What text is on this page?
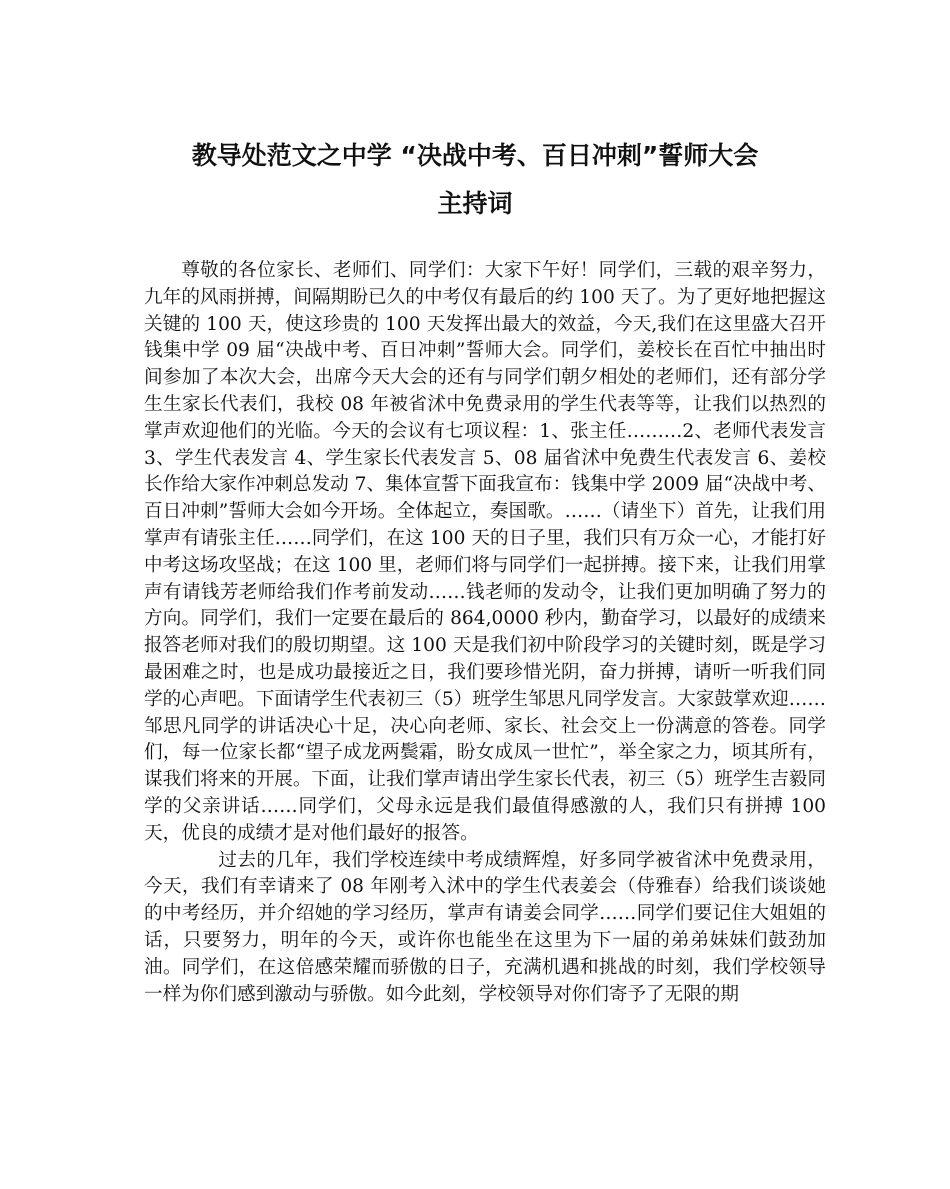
教导处范文之中学 “决战中考、百日冲刺”誓师大会
主持词

尊敬的各位家长、老师们、同学们：大家下午好！同学们，三载的艰辛努力，九年的风雨拼搏，间隔期盼已久的中考仅有最后的约 100 天了。为了更好地把握这关键的 100 天，使这珍贵的 100 天发挥出最大的效益，今天,我们在这里盛大召开钱集中学 09 届“决战中考、百日冲刺”誓师大会。同学们，姜校长在百忙中抽出时间参加了本次大会，出席今天大会的还有与同学们朝夕相处的老师们，还有部分学生生家长代表们，我校 08 年被省沭中免费录用的学生代表等等，让我们以热烈的掌声欢迎他们的光临。今天的会议有七项议程：1、张主任………2、老师代表发言 3、学生代表发言 4、学生家长代表发言 5、08 届省沭中免费生代表发言 6、姜校长作给大家作冲刺总发动 7、集体宣誓下面我宣布：钱集中学 2009 届“决战中考、百日冲刺”誓师大会如今开场。全体起立，奏国歌。……（请坐下）首先，让我们用掌声有请张主任……同学们，在这 100 天的日子里，我们只有万众一心，才能打好中考这场攻坚战；在这 100 里，老师们将与同学们一起拼搏。接下来，让我们用掌声有请钱芳老师给我们作考前发动……钱老师的发动令，让我们更加明确了努力的方向。同学们，我们一定要在最后的 864,0000 秒内，勤奋学习，以最好的成绩来报答老师对我们的殷切期望。这 100 天是我们初中阶段学习的关键时刻，既是学习最困难之时，也是成功最接近之日，我们要珍惜光阴，奋力拼搏，请听一听我们同学的心声吧。下面请学生代表初三（5）班学生邹思凡同学发言。大家鼓掌欢迎……邹思凡同学的讲话决心十足，决心向老师、家长、社会交上一份满意的答卷。同学们，每一位家长都“望子成龙两鬓霜，盼女成凤一世忙”，举全家之力，顷其所有，谋我们将来的开展。下面，让我们掌声请出学生家长代表，初三（5）班学生吉毅同学的父亲讲话……同学们，父母永远是我们最值得感激的人，我们只有拼搏 100 天，优良的成绩才是对他们最好的报答。

过去的几年，我们学校连续中考成绩辉煌，好多同学被省沭中免费录用，今天，我们有幸请来了 08 年刚考入沭中的学生代表姜会（侍雅春）给我们谈谈她的中考经历，并介绍她的学习经历，掌声有请姜会同学……同学们要记住大姐姐的话，只要努力，明年的今天，或许你也能坐在这里为下一届的弟弟妹妹们鼓劲加油。同学们，在这倍感荣耀而骄傲的日子，充满机遇和挑战的时刻，我们学校领导一样为你们感到激动与骄傲。如今此刻，学校领导对你们寄予了无限的期
